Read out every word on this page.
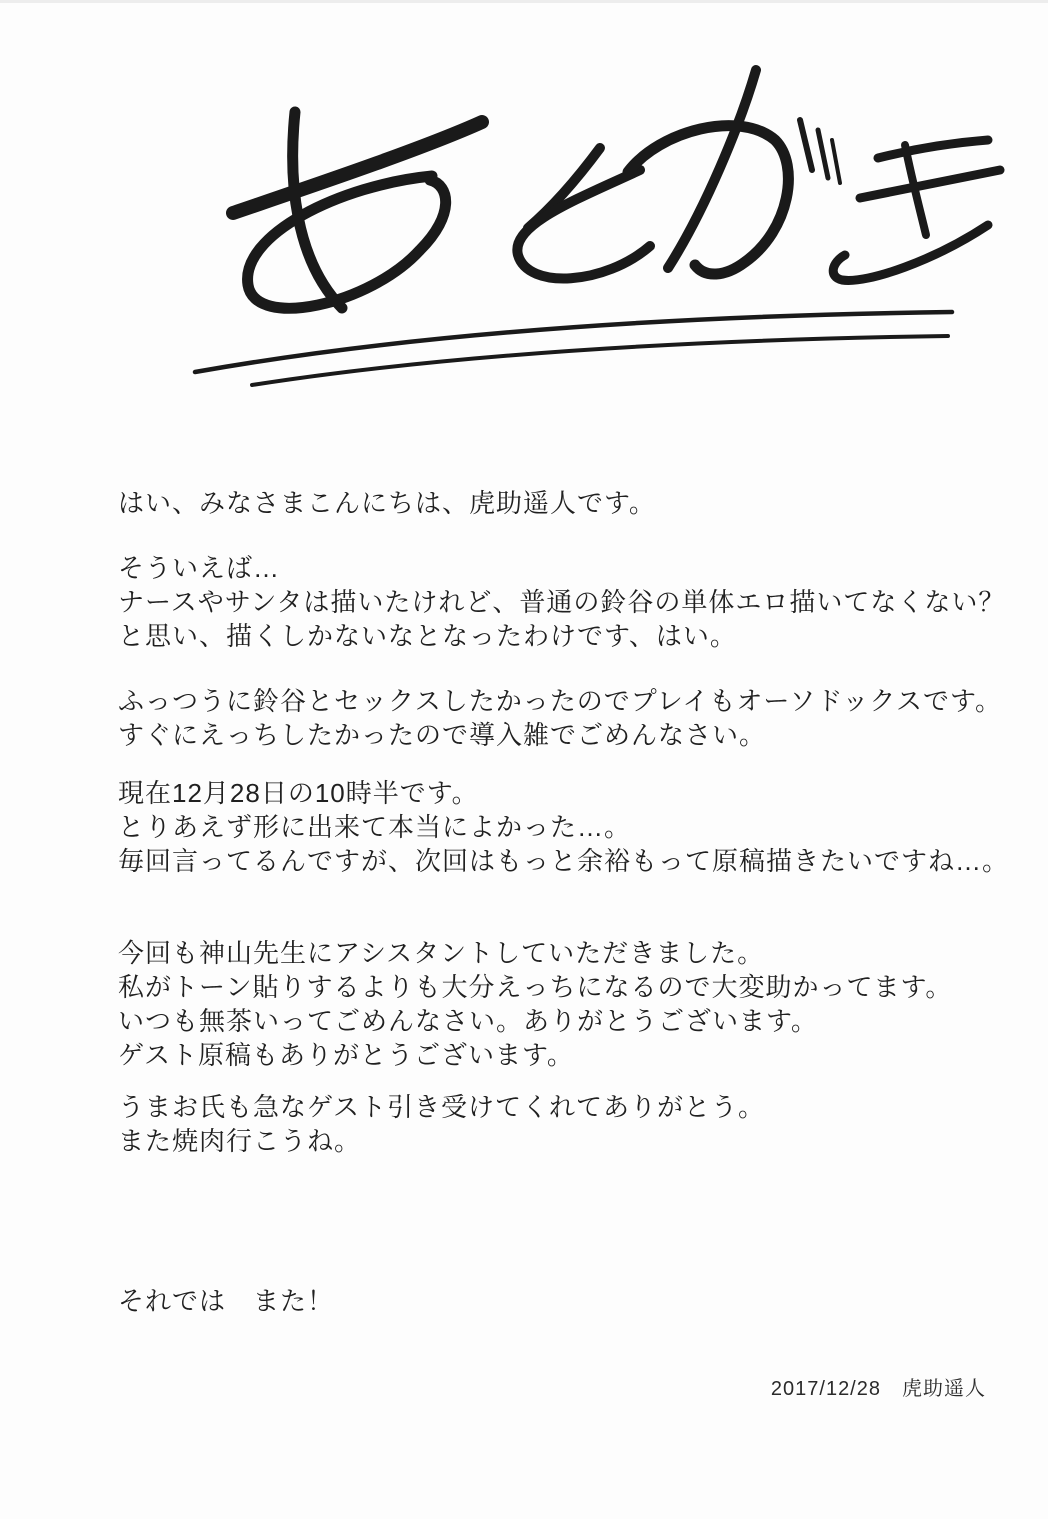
はい、みなさまこんにちは、虎助遥人です。
そういえば…
ナースやサンタは描いたけれど、普通の鈴谷の単体エロ描いてなくない？
と思い、描くしかないなとなったわけです、はい。
ふっつうに鈴谷とセックスしたかったのでプレイもオーソドックスです。
すぐにえっちしたかったので導入雑でごめんなさい。
現在12月28日の10時半です。
とりあえず形に出来て本当によかった…。
毎回言ってるんですが、次回はもっと余裕もって原稿描きたいですね…。
今回も神山先生にアシスタントしていただきました。
私がトーン貼りするよりも大分えっちになるので大変助かってます。
いつも無茶いってごめんなさい。ありがとうございます。
ゲスト原稿もありがとうございます。
うまお氏も急なゲスト引き受けてくれてありがとう。
また焼肉行こうね。
それでは　また！
2017/12/28　虎助遥人
